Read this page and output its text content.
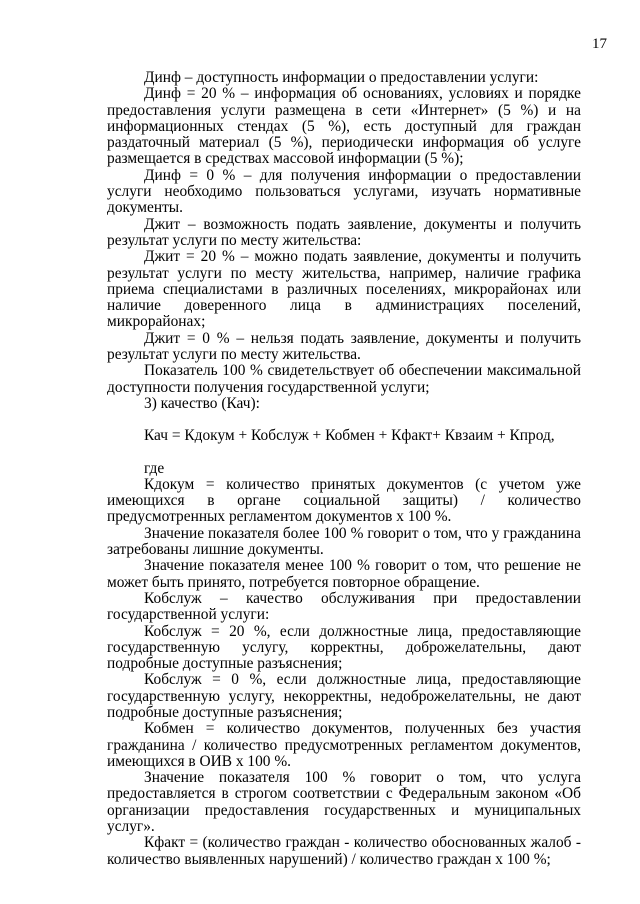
17

Динф – доступность информации о предоставлении услуги:

Динф = 20 % – информация об основаниях, условиях и порядке предоставления услуги размещена в сети «Интернет» (5 %) и на информационных стендах (5 %), есть доступный для граждан раздаточный материал (5 %), периодически информация об услуге размещается в средствах массовой информации (5 %);

Динф = 0 % – для получения информации о предоставлении услуги необходимо пользоваться услугами, изучать нормативные документы.

Джит – возможность подать заявление, документы и получить результат услуги по месту жительства:

Джит = 20 % – можно подать заявление, документы и получить результат услуги по месту жительства, например, наличие графика приема специалистами в различных поселениях, микрорайонах или наличие доверенного лица в администрациях поселений, микрорайонах;

Джит = 0 % – нельзя подать заявление, документы и получить результат услуги по месту жительства.

Показатель 100 % свидетельствует об обеспечении максимальной доступности получения государственной услуги;

3) качество (Кач):

Кач = Кдокум + Кобслуж + Кобмен + Кфакт+ Квзаим + Кпрод,

где

Кдокум = количество принятых документов (с учетом уже имеющихся в органе социальной защиты) / количество предусмотренных регламентом документов х 100 %.

Значение показателя более 100 % говорит о том, что у гражданина затребованы лишние документы.

Значение показателя менее 100 % говорит о том, что решение не может быть принято, потребуется повторное обращение.

Кобслуж – качество обслуживания при предоставлении государственной услуги:

Кобслуж = 20 %, если должностные лица, предоставляющие государственную услугу, корректны, доброжелательны, дают подробные доступные разъяснения;

Кобслуж = 0 %, если должностные лица, предоставляющие государственную услугу, некорректны, недоброжелательны, не дают подробные доступные разъяснения;

Кобмен = количество документов, полученных без участия гражданина / количество предусмотренных регламентом документов, имеющихся в ОИВ х 100 %.

Значение показателя 100 % говорит о том, что услуга предоставляется в строгом соответствии с Федеральным законом «Об организации предоставления государственных и муниципальных услуг».

Кфакт = (количество граждан - количество обоснованных жалоб - количество выявленных нарушений) / количество граждан х 100 %;
